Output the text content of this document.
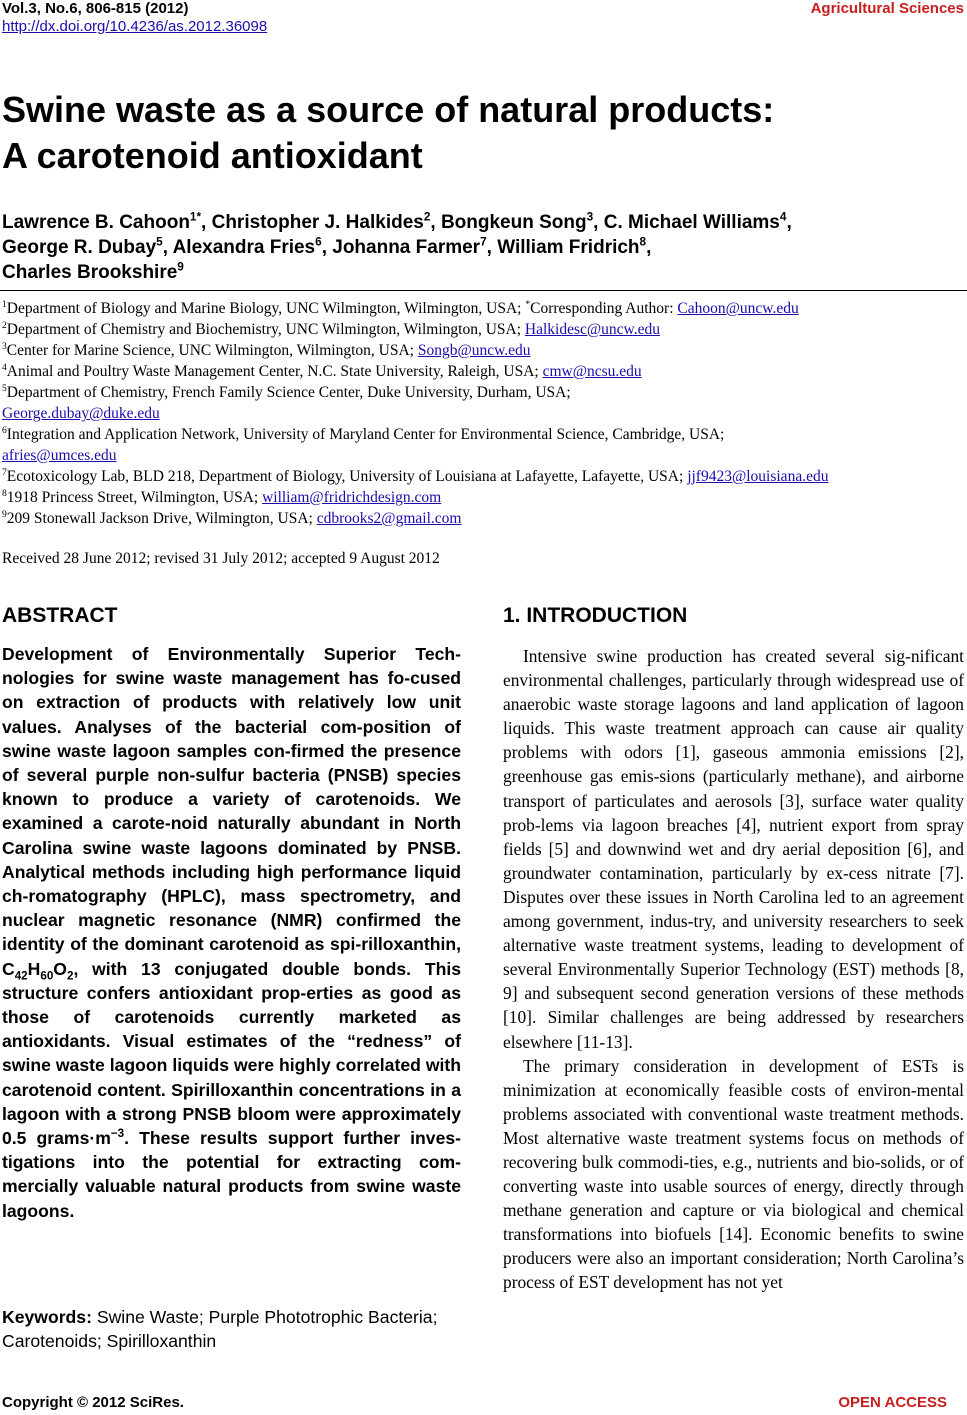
Vol.3, No.6, 806-815 (2012)
http://dx.doi.org/10.4236/as.2012.36098
Agricultural Sciences
Swine waste as a source of natural products:
A carotenoid antioxidant

Lawrence B. Cahoon$^{1*}$, Christopher J. Halkides$^2$, Bongkeun Song$^3$, C. Michael Williams$^4$,
George R. Dubay$^5$, Alexandra Fries$^6$, Johanna Farmer$^7$, William Fridrich$^8$,
Charles Brookshire$^9$

$^1$Department of Biology and Marine Biology, UNC Wilmington, Wilmington, USA; *Corresponding Author: Cahoon@uncw.edu

$^2$Department of Chemistry and Biochemistry, UNC Wilmington, Wilmington, USA; Halkidesc@uncw.edu

$^3$Center for Marine Science, UNC Wilmington, Wilmington, USA; Songb@uncw.edu

$^4$Animal and Poultry Waste Management Center, N.C. State University, Raleigh, USA; cmw@ncsu.edu

$^5$Department of Chemistry, French Family Science Center, Duke University, Durham, USA;

George.dubay@duke.edu

$^6$Integration and Application Network, University of Maryland Center for Environmental Science, Cambridge, USA;

afries@umces.edu

$^7$Ecotoxicology Lab, BLD 218, Department of Biology, University of Louisiana at Lafayette, Lafayette, USA; jjf9423@louisiana.edu

$^8$1918 Princess Street, Wilmington, USA; william@fridrichdesign.com

$^9$209 Stonewall Jackson Drive, Wilmington, USA; cdbrooks2@gmail.com

Received 28 June 2012; revised 31 July 2012; accepted 9 August 2012
ABSTRACT

Development of Environmentally Superior Tech-nologies for swine waste management has fo-cused on extraction of products with relatively low unit values. Analyses of the bacterial com-position of swine waste lagoon samples con-firmed the presence of several purple non-sulfur bacteria (PNSB) species known to produce a variety of carotenoids. We examined a carote-noid naturally abundant in North Carolina swine waste lagoons dominated by PNSB. Analytical methods including high performance liquid ch-romatography (HPLC), mass spectrometry, and nuclear magnetic resonance (NMR) confirmed the identity of the dominant carotenoid as spi-rilloxanthin, $C_{42}H_{60}O_2$, with 13 conjugated double bonds. This structure confers antioxidant prop-erties as good as those of carotenoids currently marketed as antioxidants. Visual estimates of the “redness” of swine waste lagoon liquids were highly correlated with carotenoid content. Spirilloxanthin concentrations in a lagoon with a strong PNSB bloom were approximately 0.5 $grams\cdot m^{-3}$. These results support further inves-tigations into the potential for extracting com-mercially valuable natural products from swine waste lagoons.

Keywords: Swine Waste; Purple Phototrophic Bacteria; Carotenoids; Spirilloxanthin

1. INTRODUCTION

Intensive swine production has created several sig-nificant environmental challenges, particularly through widespread use of anaerobic waste storage lagoons and land application of lagoon liquids. This waste treatment approach can cause air quality problems with odors [1], gaseous ammonia emissions [2], greenhouse gas emis-sions (particularly methane), and airborne transport of particulates and aerosols [3], surface water quality prob-lems via lagoon breaches [4], nutrient export from spray fields [5] and downwind wet and dry aerial deposition [6], and groundwater contamination, particularly by ex-cess nitrate [7]. Disputes over these issues in North Carolina led to an agreement among government, indus-try, and university researchers to seek alternative waste treatment systems, leading to development of several Environmentally Superior Technology (EST) methods [8, 9] and subsequent second generation versions of these methods [10]. Similar challenges are being addressed by researchers elsewhere [11-13].

The primary consideration in development of ESTs is minimization at economically feasible costs of environ-mental problems associated with conventional waste treatment methods. Most alternative waste treatment systems focus on methods of recovering bulk commodi-ties, e.g., nutrients and bio-solids, or of converting waste into usable sources of energy, directly through methane generation and capture or via biological and chemical transformations into biofuels [14]. Economic benefits to swine producers were also an important consideration; North Carolina’s process of EST development has not yet

Copyright © 2012 SciRes.	OPEN ACCESS
